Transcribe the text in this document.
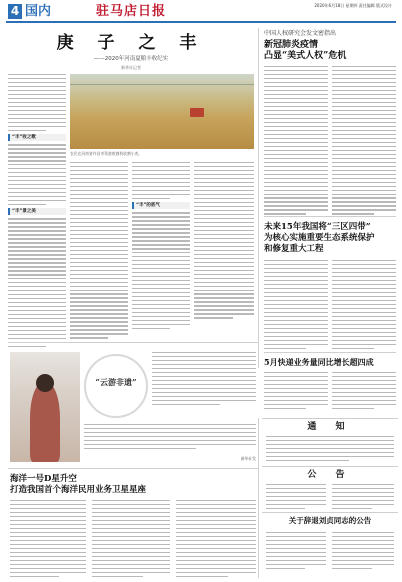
4 国内	驻马店日报	2020年6月18日 星期四 责任编辑 版式设计
庚 子 之 丰
——2020年河南夏粮丰收纪实
新华社记者
“丰”收之歌
“丰”景之美
农民在河南省许昌市驾驶收割机收割小麦。
“丰”的底气
中国人权研究会发文密指出
新冠肺炎疫情
凸显“美式人权”危机
未来15年我国将“三区四带”
为核心实施重要生态系统保护
和修复重大工程
5月快递业务量同比增长超四成
“云游非遗”
新华社发
海洋一号D星升空
打造我国首个海洋民用业务卫星星座
通 知
公 告
关于辞退刘贞同志的公告
